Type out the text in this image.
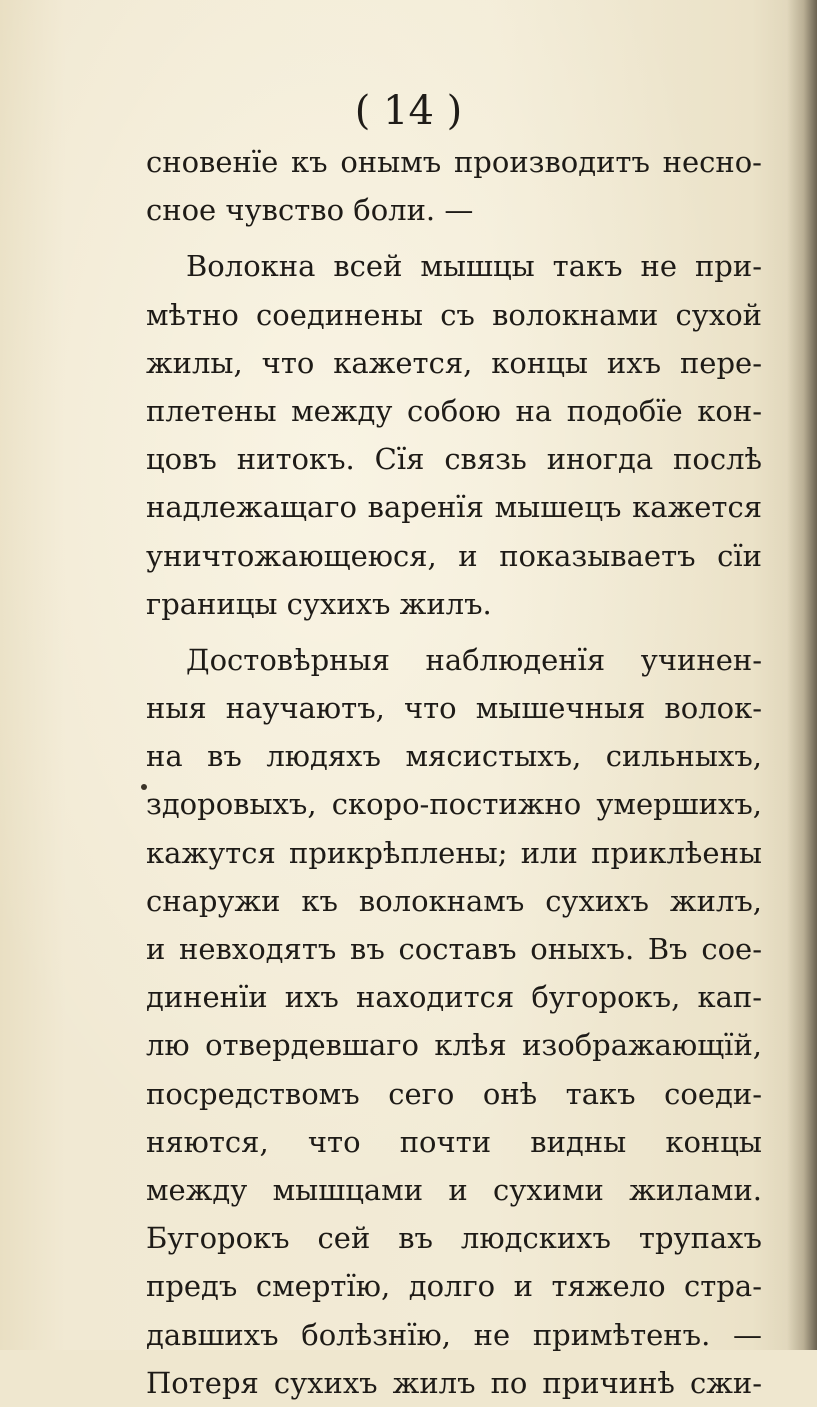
( 14 )
сновенїе къ онымъ производитъ несно-
сное чувство боли. —
Волокна всей мышцы такъ не при-
мѣтно соединены съ волокнами сухой
жилы, что кажется, концы ихъ пере-
плетены между собою на подобїе кон-
цовъ нитокъ. Сїя связь иногда послѣ
надлежащаго варенїя мышецъ кажется
уничтожающеюся, и показываетъ сїи
границы сухихъ жилъ.
Достовѣрныя наблюденїя учинен-
ныя научаютъ, что мышечныя волок-
на въ людяхъ мясистыхъ, сильныхъ,
здоровыхъ, скоро-постижно умершихъ,
кажутся прикрѣплены; или приклѣены
снаружи къ волокнамъ сухихъ жилъ,
и невходятъ въ составъ оныхъ. Въ сое-
диненїи ихъ находится бугорокъ, кап-
лю отвердевшаго клѣя изображающїй,
посредствомъ сего онѣ такъ соеди-
няются, что почти видны концы
между мышцами и сухими жилами.
Бугорокъ сей въ людскихъ трупахъ
предъ смертїю, долго и тяжело стра-
давшихъ болѣзнїю, не примѣтенъ. —
Потеря сухихъ жилъ по причинѣ сжи-
